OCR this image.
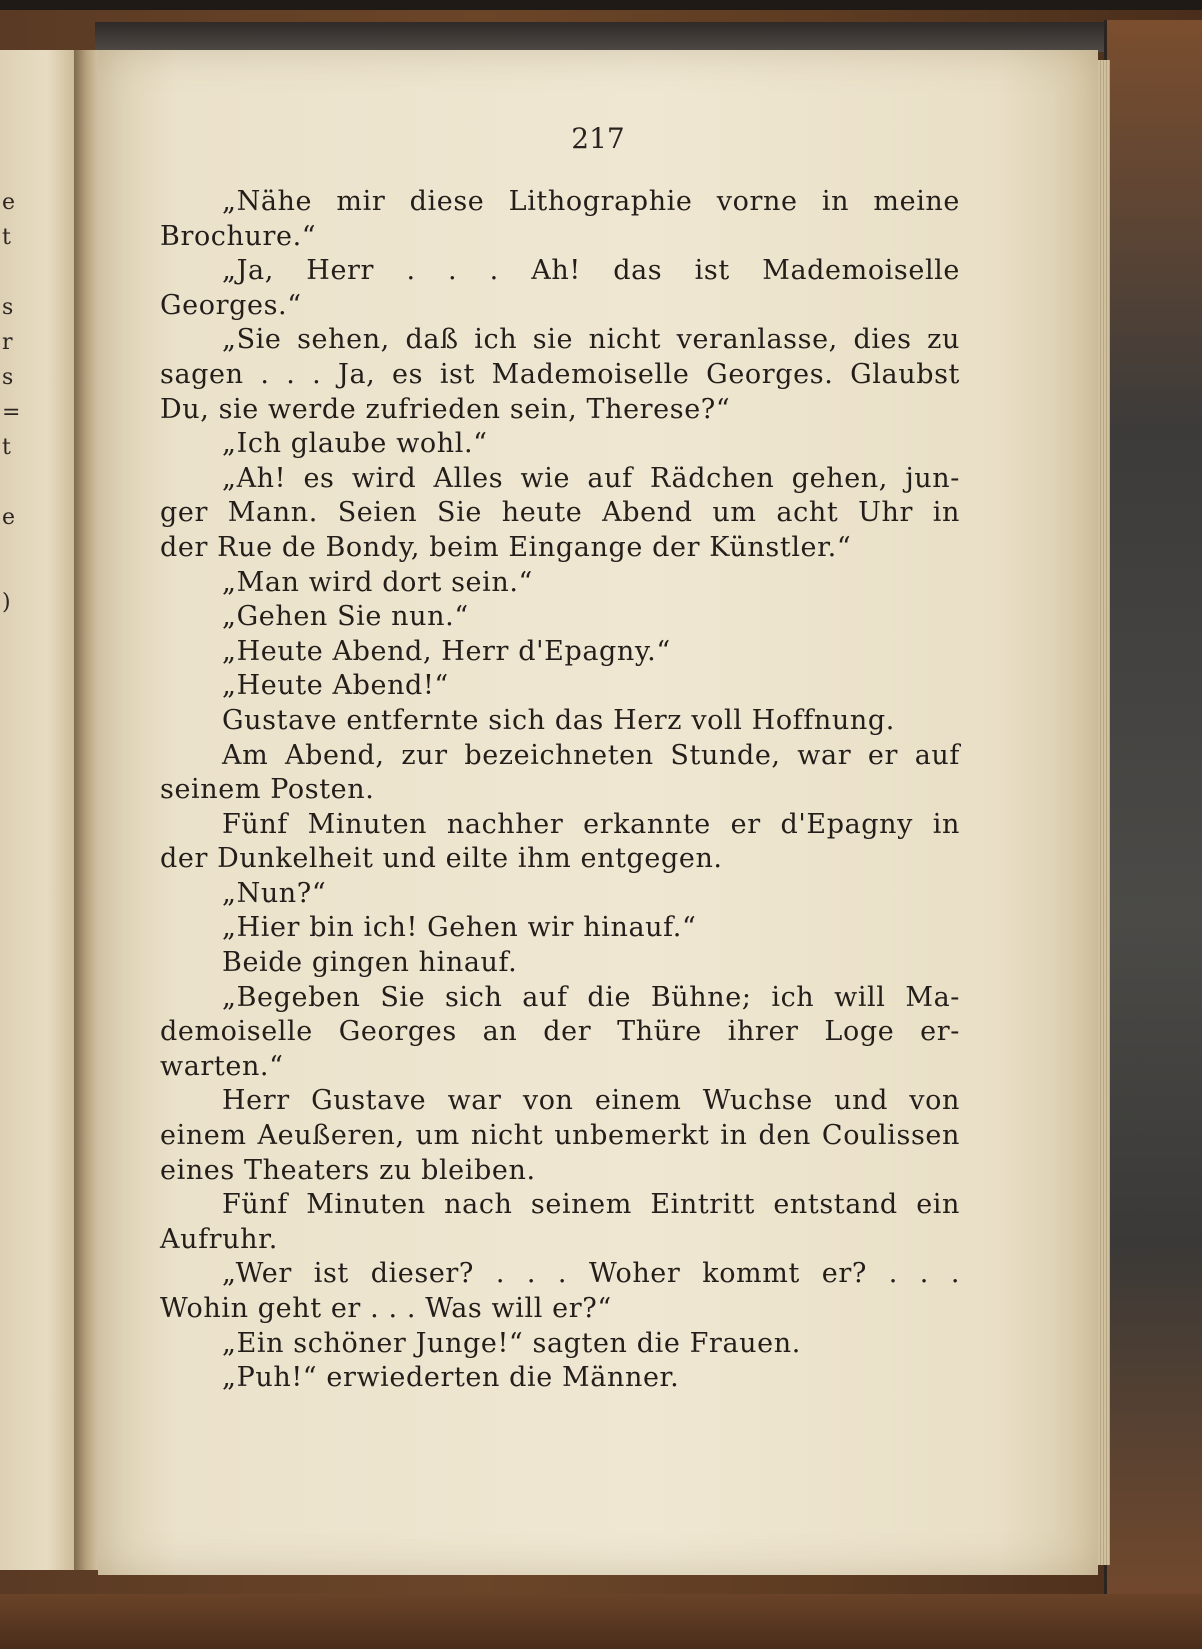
e
t
s
r
s
=
t
e
)
217
„Nähe mir diese Lithographie vorne in meine
Brochure.“
„Ja, Herr . . . Ah! das ist Mademoiselle
Georges.“
„Sie sehen, daß ich sie nicht veranlasse, dies zu
sagen . . . Ja, es ist Mademoiselle Georges. Glaubst
Du, sie werde zufrieden sein, Therese?“
„Ich glaube wohl.“
„Ah! es wird Alles wie auf Rädchen gehen, jun-
ger Mann. Seien Sie heute Abend um acht Uhr in
der Rue de Bondy, beim Eingange der Künstler.“
„Man wird dort sein.“
„Gehen Sie nun.“
„Heute Abend, Herr d'Epagny.“
„Heute Abend!“
Gustave entfernte sich das Herz voll Hoffnung.
Am Abend, zur bezeichneten Stunde, war er auf
seinem Posten.
Fünf Minuten nachher erkannte er d'Epagny in
der Dunkelheit und eilte ihm entgegen.
„Nun?“
„Hier bin ich! Gehen wir hinauf.“
Beide gingen hinauf.
„Begeben Sie sich auf die Bühne; ich will Ma-
demoiselle Georges an der Thüre ihrer Loge er-
warten.“
Herr Gustave war von einem Wuchse und von
einem Aeußeren, um nicht unbemerkt in den Coulissen
eines Theaters zu bleiben.
Fünf Minuten nach seinem Eintritt entstand ein
Aufruhr.
„Wer ist dieser? . . . Woher kommt er? . . .
Wohin geht er . . . Was will er?“
„Ein schöner Junge!“ sagten die Frauen.
„Puh!“ erwiederten die Männer.
